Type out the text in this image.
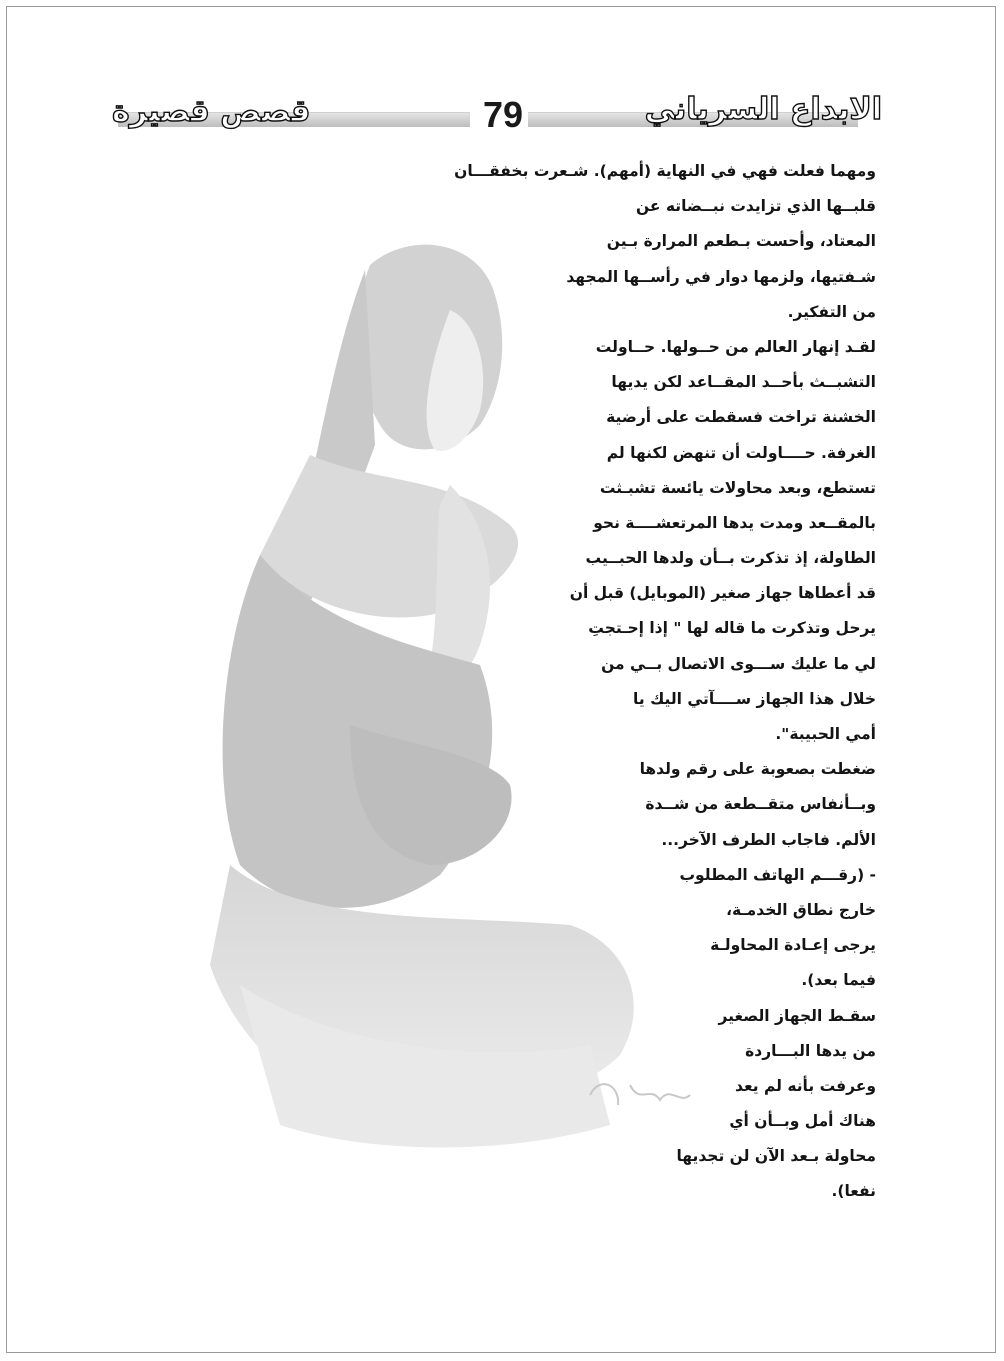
قصص قصيرة	79	الابداع السرياني
ومهما فعلت فهي في النهاية (أمهم). شـعرت بخفقـــان
قلبــها الذي تزايدت نبــضاته عن
المعتاد، وأحست بـطعم المرارة بـين
شـفتيها، ولزمها دوار في رأســها المجهد
من التفكير.
لقـد إنهار العالم من حــولها. حــاولت
التشبــث بأحــد المقــاعد لكن يديها
الخشنة تراخت فسقطت على أرضية
الغرفة. حــــاولت أن تنهض لكنها لم
تستطع، وبعد محاولات يائسة تشبـثت
بالمقــعد ومدت يدها المرتعشــــة نحو
الطاولة، إذ تذكرت بــأن ولدها الحبــيب
قد أعطاها جهاز صغير (الموبايل) قبل أن
يرحل وتذكرت ما قاله لها " إذا إحـتجتِ
لي ما عليك ســـوى الاتصال بــي من
خلال هذا الجهاز ســــآتي اليك يا
أمي الحبيبة".
ضغطت بصعوبة على رقم ولدها
وبــأنفاس متقــطعة من شــدة
الألم. فاجاب الطرف الآخر...
- (رقـــم الهاتف المطلوب
خارج نطاق الخدمـة،
يرجى إعـادة المحاولـة
فيما بعد).
سقـط الجهاز الصغير
من يدها البـــاردة
وعرفت بأنه لم يعد
هناك أمل وبــأن أي
محاولة بـعد الآن لن تجديها
نفعا).
